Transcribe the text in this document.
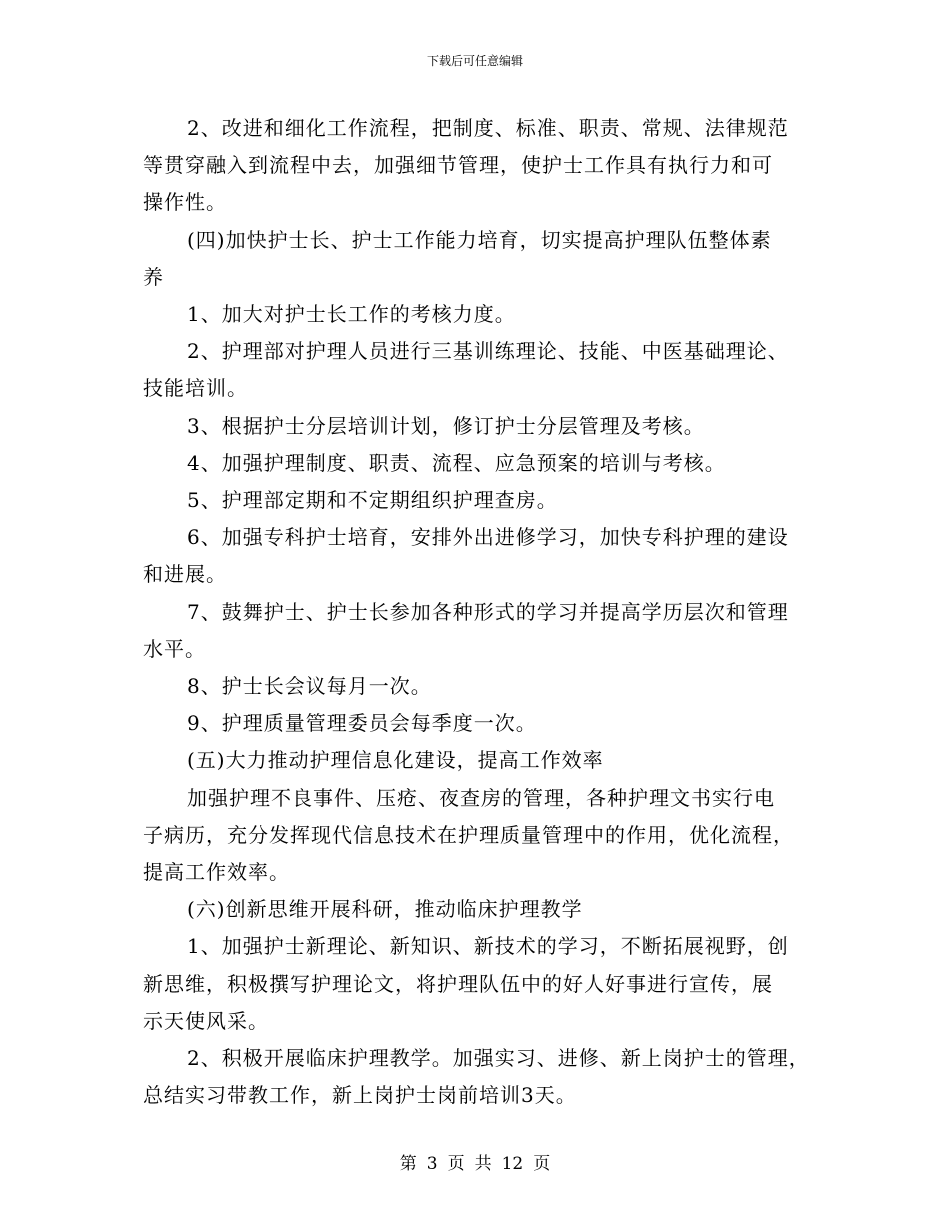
下载后可任意编辑

2、改进和细化工作流程，把制度、标准、职责、常规、法律规范

等贯穿融入到流程中去，加强细节管理，使护士工作具有执行力和可

操作性。

(四)加快护士长、护士工作能力培育，切实提高护理队伍整体素

养

1、加大对护士长工作的考核力度。

2、护理部对护理人员进行三基训练理论、技能、中医基础理论、

技能培训。

3、根据护士分层培训计划，修订护士分层管理及考核。

4、加强护理制度、职责、流程、应急预案的培训与考核。

5、护理部定期和不定期组织护理查房。

6、加强专科护士培育，安排外出进修学习，加快专科护理的建设

和进展。

7、鼓舞护士、护士长参加各种形式的学习并提高学历层次和管理

水平。

8、护士长会议每月一次。

9、护理质量管理委员会每季度一次。

(五)大力推动护理信息化建设，提高工作效率

加强护理不良事件、压疮、夜查房的管理，各种护理文书实行电

子病历，充分发挥现代信息技术在护理质量管理中的作用，优化流程，

提高工作效率。

(六)创新思维开展科研，推动临床护理教学

1、加强护士新理论、新知识、新技术的学习，不断拓展视野，创

新思维，积极撰写护理论文，将护理队伍中的好人好事进行宣传，展

示天使风采。

2、积极开展临床护理教学。加强实习、进修、新上岗护士的管理，

总结实习带教工作，新上岗护士岗前培训3天。

第 3 页 共 12 页
